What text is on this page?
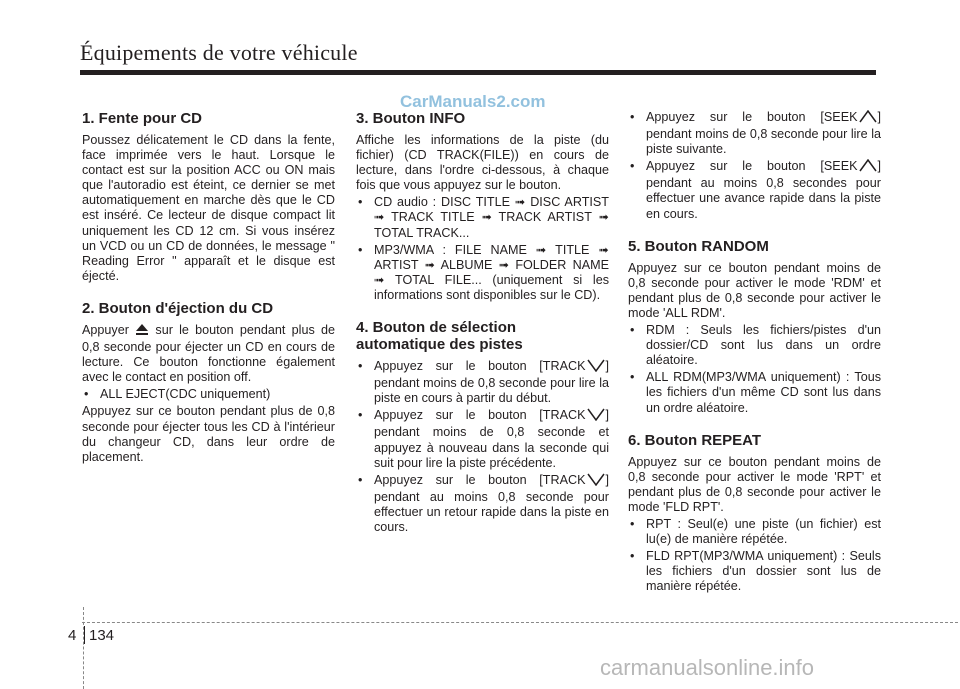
Équipements de votre véhicule
CarManuals2.com
1. Fente pour CD

Poussez délicatement le CD dans la fente, face imprimée vers le haut. Lorsque le contact est sur la position ACC ou ON mais que l'autoradio est éteint, ce dernier se met automatiquement en marche dès que le CD est inséré. Ce lecteur de disque compact lit uniquement les CD 12 cm. Si vous insérez un VCD ou un CD de données, le message " Reading Error " apparaît et le disque est éjecté.

2. Bouton d'éjection du CD

Appuyer sur le bouton pendant plus de 0,8 seconde pour éjecter un CD en cours de lecture. Ce bouton fonctionne également avec le contact en position off.

• ALL EJECT(CDC uniquement)

Appuyez sur ce bouton pendant plus de 0,8 seconde pour éjecter tous les CD à l'intérieur du changeur CD, dans leur ordre de placement.

3. Bouton INFO

Affiche les informations de la piste (du fichier) (CD TRACK(FILE)) en cours de lecture, dans l'ordre ci-dessous, à chaque fois que vous appuyez sur le bouton.

• CD audio : DISC TITLE ➟ DISC ARTIST ➟ TRACK TITLE ➟ TRACK ARTIST ➟ TOTAL TRACK...
• MP3/WMA : FILE NAME ➟ TITLE ➟ ARTIST ➟ ALBUME ➟ FOLDER NAME ➟ TOTAL FILE... (uniquement si les informations sont disponibles sur le CD).
4. Bouton de sélection automatique des pistes
• Appuyez sur le bouton [TRACK ] pendant moins de 0,8 seconde pour lire la piste en cours à partir du début.
• Appuyez sur le bouton [TRACK ] pendant moins de 0,8 seconde et appuyez à nouveau dans la seconde qui suit pour lire la piste précédente.
• Appuyez sur le bouton [TRACK ] pendant au moins 0,8 seconde pour effectuer un retour rapide dans la piste en cours.
• Appuyez sur le bouton [SEEK ] pendant moins de 0,8 seconde pour lire la piste suivante.
• Appuyez sur le bouton [SEEK ] pendant au moins 0,8 secondes pour effectuer une avance rapide dans la piste en cours.
5. Bouton RANDOM

Appuyez sur ce bouton pendant moins de 0,8 seconde pour activer le mode 'RDM' et pendant plus de 0,8 seconde pour activer le mode 'ALL RDM'.

• RDM : Seuls les fichiers/pistes d'un dossier/CD sont lus dans un ordre aléatoire.
• ALL RDM(MP3/WMA uniquement) : Tous les fichiers d'un même CD sont lus dans un ordre aléatoire.
6. Bouton REPEAT

Appuyez sur ce bouton pendant moins de 0,8 seconde pour activer le mode 'RPT' et pendant plus de 0,8 seconde pour activer le mode 'FLD RPT'.

• RPT : Seul(e) une piste (un fichier) est lu(e) de manière répétée.
• FLD RPT(MP3/WMA uniquement) : Seuls les fichiers d'un dossier sont lus de manière répétée.
4 134
carmanualsonline.info
